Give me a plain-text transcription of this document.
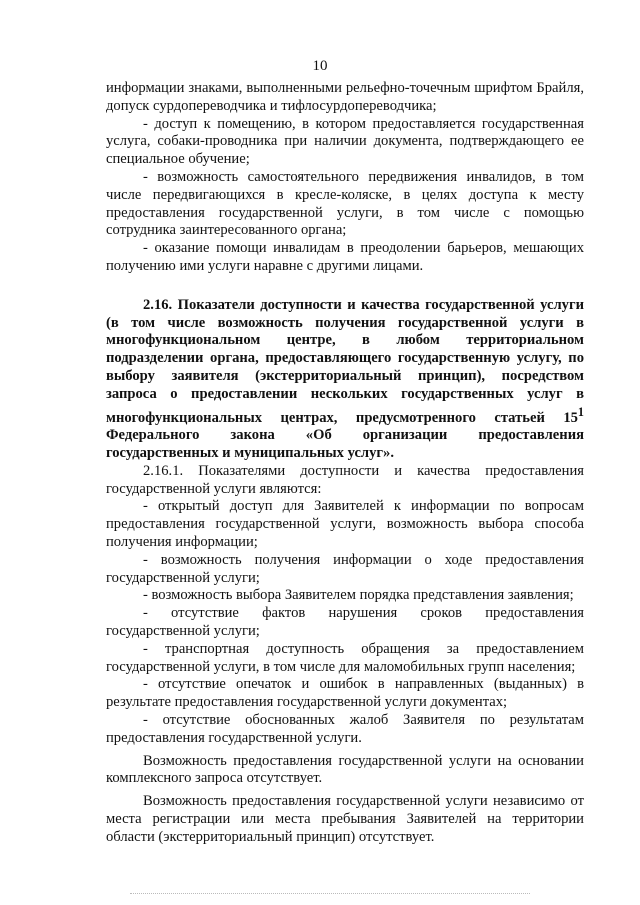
10

информации знаками, выполненными рельефно-точечным шрифтом Брайля, допуск сурдопереводчика и тифлосурдопереводчика;

- доступ к помещению, в котором предоставляется государственная услуга, собаки-проводника при наличии документа, подтверждающего ее специальное обучение;

- возможность самостоятельного передвижения инвалидов, в том числе передвигающихся в кресле-коляске, в целях доступа к месту предоставления государственной услуги, в том числе с помощью сотрудника заинтересованного органа;

- оказание помощи инвалидам в преодолении барьеров, мешающих получению ими услуги наравне с другими лицами.

2.16. Показатели доступности и качества государственной услуги (в том числе возможность получения государственной услуги в многофункциональном центре, в любом территориальном подразделении органа, предоставляющего государственную услугу, по выбору заявителя (экстерриториальный принцип), посредством запроса о предоставлении нескольких государственных услуг в многофункциональных центрах, предусмотренного статьей $15^1$ Федерального закона «Об организации предоставления государственных и муниципальных услуг».

2.16.1. Показателями доступности и качества предоставления государственной услуги являются:

- открытый доступ для Заявителей к информации по вопросам предоставления государственной услуги, возможность выбора способа получения информации;

- возможность получения информации о ходе предоставления государственной услуги;

- возможность выбора Заявителем порядка представления заявления;

- отсутствие фактов нарушения сроков предоставления государственной услуги;

- транспортная доступность обращения за предоставлением государственной услуги, в том числе для маломобильных групп населения;

- отсутствие опечаток и ошибок в направленных (выданных) в результате предоставления государственной услуги документах;

- отсутствие обоснованных жалоб Заявителя по результатам предоставления государственной услуги.

Возможность предоставления государственной услуги на основании комплексного запроса отсутствует.

Возможность предоставления государственной услуги независимо от места регистрации или места пребывания Заявителей на территории области (экстерриториальный принцип) отсутствует.
